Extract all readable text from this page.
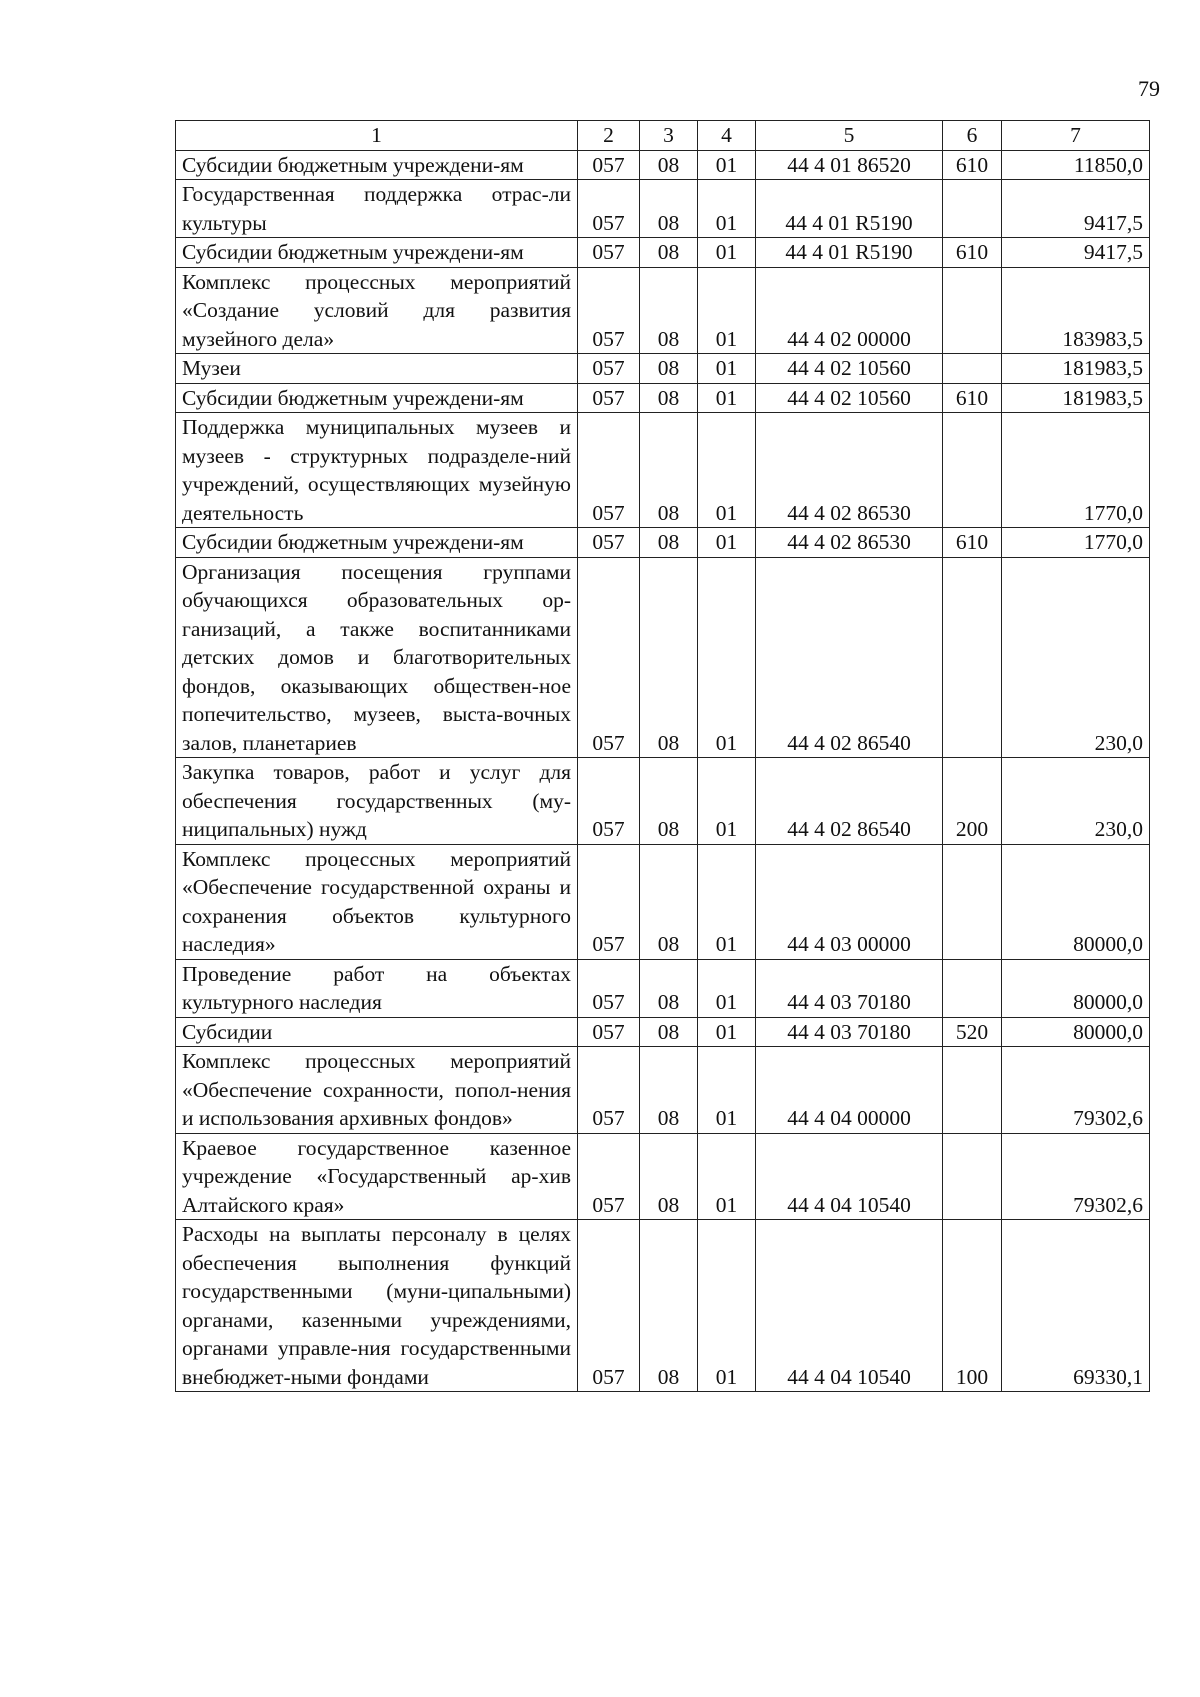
79
1	2	3	4	5	6	7
Субсидии бюджетным учреждени-ям	057	08	01	44 4 01 86520	610	11850,0
Государственная поддержка отрас-ли культуры	057	08	01	44 4 01 R5190		9417,5
Субсидии бюджетным учреждени-ям	057	08	01	44 4 01 R5190	610	9417,5
Комплекс процессных мероприятий «Создание условий для развития музейного дела»	057	08	01	44 4 02 00000		183983,5
Музеи	057	08	01	44 4 02 10560		181983,5
Субсидии бюджетным учреждени-ям	057	08	01	44 4 02 10560	610	181983,5
Поддержка муниципальных музеев и музеев - структурных подразделе-ний учреждений, осуществляющих музейную деятельность	057	08	01	44 4 02 86530		1770,0
Субсидии бюджетным учреждени-ям	057	08	01	44 4 02 86530	610	1770,0
Организация посещения группами обучающихся образовательных ор-ганизаций, а также воспитанниками детских домов и благотворительных фондов, оказывающих обществен-ное попечительство, музеев, выста-вочных залов, планетариев	057	08	01	44 4 02 86540		230,0
Закупка товаров, работ и услуг для обеспечения государственных (му-ниципальных) нужд	057	08	01	44 4 02 86540	200	230,0
Комплекс процессных мероприятий «Обеспечение государственной охраны и сохранения объектов культурного наследия»	057	08	01	44 4 03 00000		80000,0
Проведение работ на объектах культурного наследия	057	08	01	44 4 03 70180		80000,0
Субсидии	057	08	01	44 4 03 70180	520	80000,0
Комплекс процессных мероприятий «Обеспечение сохранности, попол-нения и использования архивных фондов»	057	08	01	44 4 04 00000		79302,6
Краевое государственное казенное учреждение «Государственный ар-хив Алтайского края»	057	08	01	44 4 04 10540		79302,6
Расходы на выплаты персоналу в целях обеспечения выполнения функций государственными (муни-ципальными) органами, казенными учреждениями, органами управле-ния государственными внебюджет-ными фондами	057	08	01	44 4 04 10540	100	69330,1
